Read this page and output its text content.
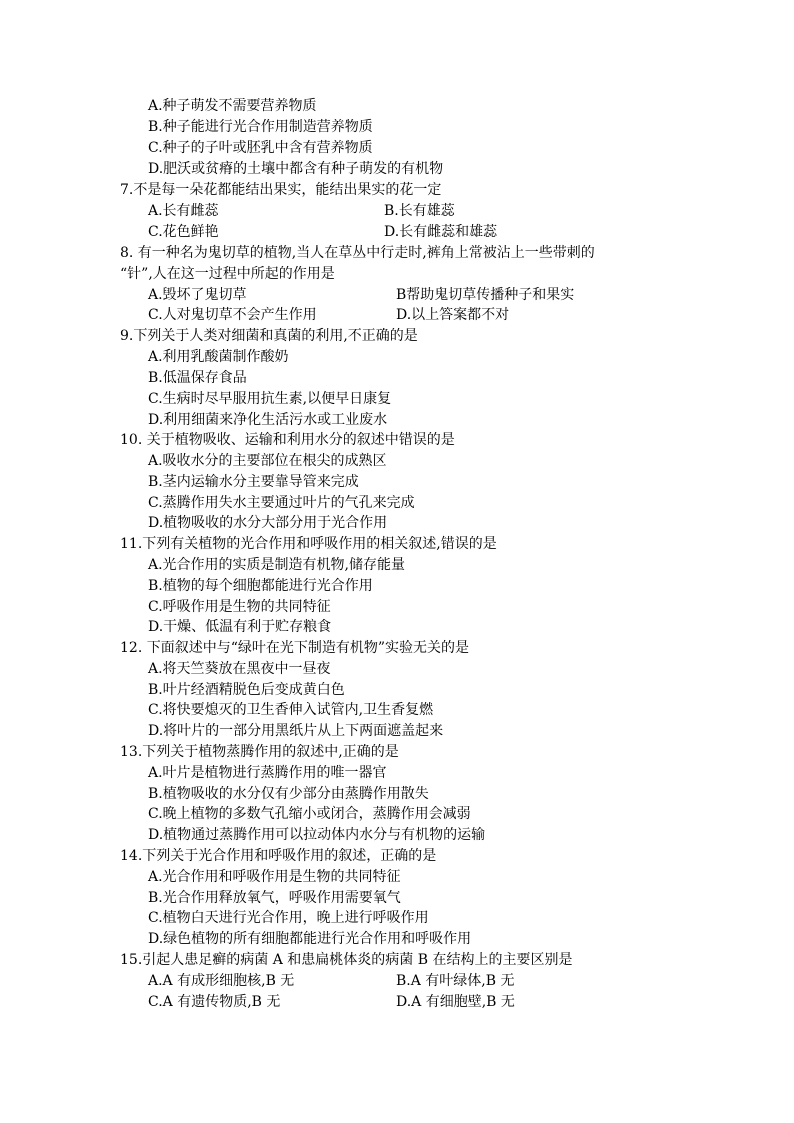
A.种子萌发不需要营养物质
B.种子能进行光合作用制造营养物质
C.种子的子叶或胚乳中含有营养物质
D.肥沃或贫瘠的土壤中都含有种子萌发的有机物
7.不是每一朵花都能结出果实，能结出果实的花一定
A.长有雌蕊	B.长有雄蕊
C.花色鲜艳	D.长有雌蕊和雄蕊
8. 有一种名为鬼切草的植物,当人在草丛中行走时,裤角上常被沾上一些带刺的
“针”,人在这一过程中所起的作用是
A.毁坏了鬼切草	B帮助鬼切草传播种子和果实
C.人对鬼切草不会产生作用	D.以上答案都不对
9.下列关于人类对细菌和真菌的利用,不正确的是
A.利用乳酸菌制作酸奶
B.低温保存食品
C.生病时尽早服用抗生素,以便早日康复
D.利用细菌来净化生活污水或工业废水
10. 关于植物吸收、运输和利用水分的叙述中错误的是
A.吸收水分的主要部位在根尖的成熟区
B.茎内运输水分主要靠导管来完成
C.蒸腾作用失水主要通过叶片的气孔来完成
D.植物吸收的水分大部分用于光合作用
11.下列有关植物的光合作用和呼吸作用的相关叙述,错误的是
A.光合作用的实质是制造有机物,储存能量
B.植物的每个细胞都能进行光合作用
C.呼吸作用是生物的共同特征
D.干燥、低温有利于贮存粮食
12. 下面叙述中与“绿叶在光下制造有机物”实验无关的是
A.将天竺葵放在黑夜中一昼夜
B.叶片经酒精脱色后变成黄白色
C.将快要熄灭的卫生香伸入试管内,卫生香复燃
D.将叶片的一部分用黑纸片从上下两面遮盖起来
13.下列关于植物蒸腾作用的叙述中,正确的是
A.叶片是植物进行蒸腾作用的唯一器官
B.植物吸收的水分仅有少部分由蒸腾作用散失
C.晚上植物的多数气孔缩小或闭合，蒸腾作用会减弱
D.植物通过蒸腾作用可以拉动体内水分与有机物的运输
14.下列关于光合作用和呼吸作用的叙述，正确的是
A.光合作用和呼吸作用是生物的共同特征
B.光合作用释放氧气，呼吸作用需要氧气
C.植物白天进行光合作用，晚上进行呼吸作用
D.绿色植物的所有细胞都能进行光合作用和呼吸作用
15.引起人患足癣的病菌 A 和患扁桃体炎的病菌 B 在结构上的主要区别是
A.A 有成形细胞核,B 无	B.A 有叶绿体,B 无
C.A 有遗传物质,B 无	D.A 有细胞壁,B 无
